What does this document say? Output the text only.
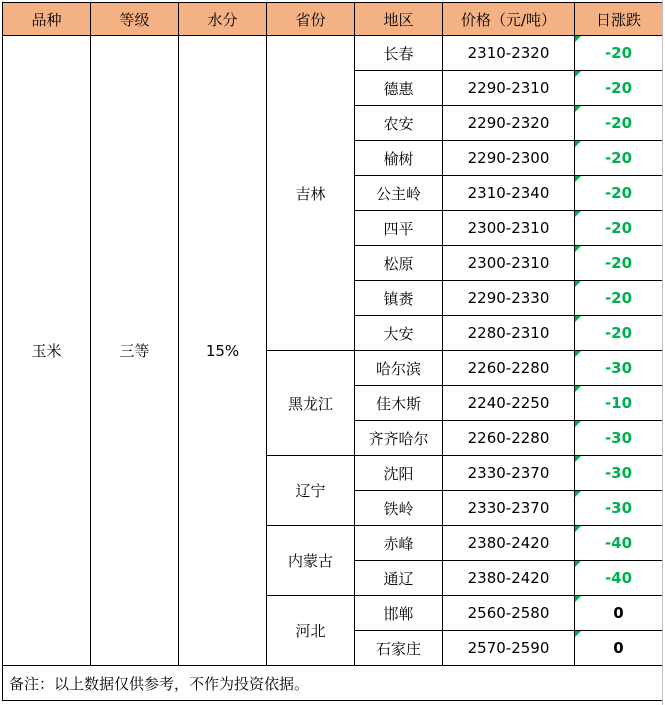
品种	等级	水分	省份	地区	价格（元/吨）	日涨跌
玉米	三等	15%	吉林	长春	2310-2320	-20
				德惠	2290-2310	-20
				农安	2290-2320	-20
				榆树	2290-2300	-20
				公主岭	2310-2340	-20
				四平	2300-2310	-20
				松原	2300-2310	-20
				镇赉	2290-2330	-20
				大安	2280-2310	-20
			黑龙江	哈尔滨	2260-2280	-30
				佳木斯	2240-2250	-10
				齐齐哈尔	2260-2280	-30
			辽宁	沈阳	2330-2370	-30
				铁岭	2330-2370	-30
			内蒙古	赤峰	2380-2420	-40
				通辽	2380-2420	-40
			河北	邯郸	2560-2580	0
				石家庄	2570-2590	0
备注：以上数据仅供参考，不作为投资依据。						
